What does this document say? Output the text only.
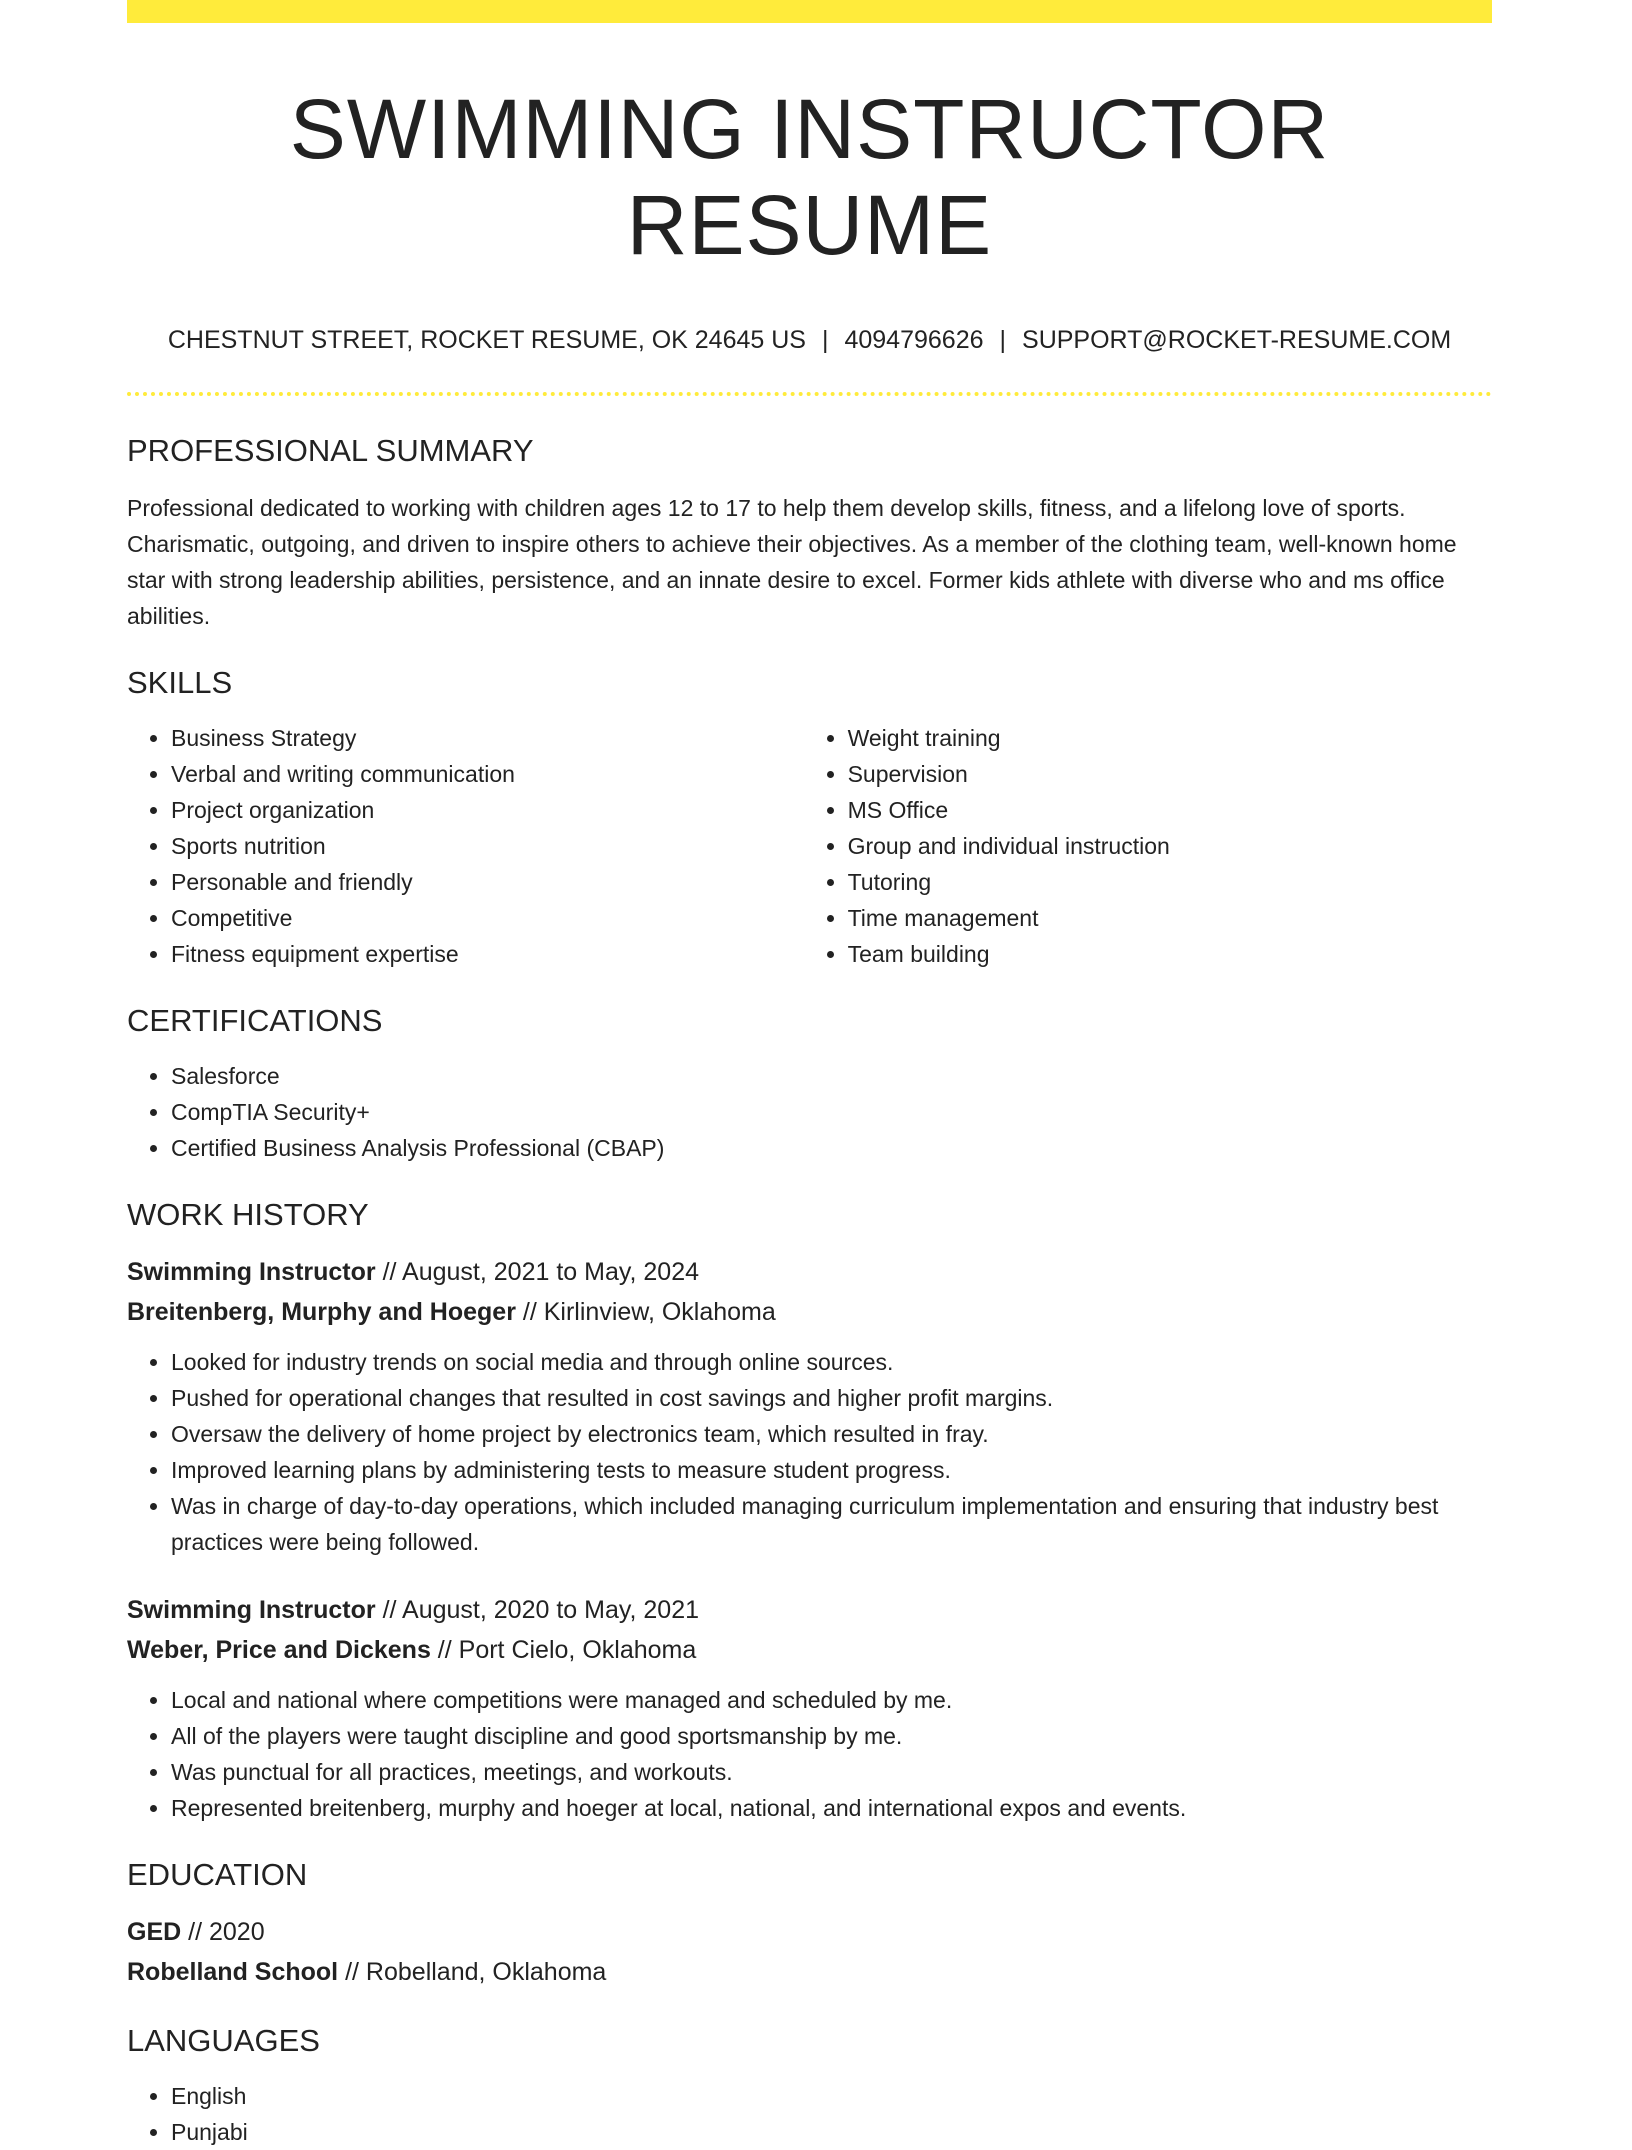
SWIMMING INSTRUCTOR RESUME
CHESTNUT STREET, ROCKET RESUME, OK 24645 US | 4094796626 | SUPPORT@ROCKET-RESUME.COM
PROFESSIONAL SUMMARY

Professional dedicated to working with children ages 12 to 17 to help them develop skills, fitness, and a lifelong love of sports. Charismatic, outgoing, and driven to inspire others to achieve their objectives. As a member of the clothing team, well-known home star with strong leadership abilities, persistence, and an innate desire to excel. Former kids athlete with diverse who and ms office abilities.

SKILLS
• Business Strategy
• Verbal and writing communication
• Project organization
• Sports nutrition
• Personable and friendly
• Competitive
• Fitness equipment expertise
• Weight training
• Supervision
• MS Office
• Group and individual instruction
• Tutoring
• Time management
• Team building
CERTIFICATIONS
• Salesforce
• CompTIA Security+
• Certified Business Analysis Professional (CBAP)
WORK HISTORY
Swimming Instructor // August, 2021 to May, 2024
Breitenberg, Murphy and Hoeger // Kirlinview, Oklahoma
• Looked for industry trends on social media and through online sources.
• Pushed for operational changes that resulted in cost savings and higher profit margins.
• Oversaw the delivery of home project by electronics team, which resulted in fray.
• Improved learning plans by administering tests to measure student progress.
• Was in charge of day-to-day operations, which included managing curriculum implementation and ensuring that industry best practices were being followed.
Swimming Instructor // August, 2020 to May, 2021
Weber, Price and Dickens // Port Cielo, Oklahoma
• Local and national where competitions were managed and scheduled by me.
• All of the players were taught discipline and good sportsmanship by me.
• Was punctual for all practices, meetings, and workouts.
• Represented breitenberg, murphy and hoeger at local, national, and international expos and events.
EDUCATION
GED // 2020
Robelland School // Robelland, Oklahoma
LANGUAGES
• English
• Punjabi
